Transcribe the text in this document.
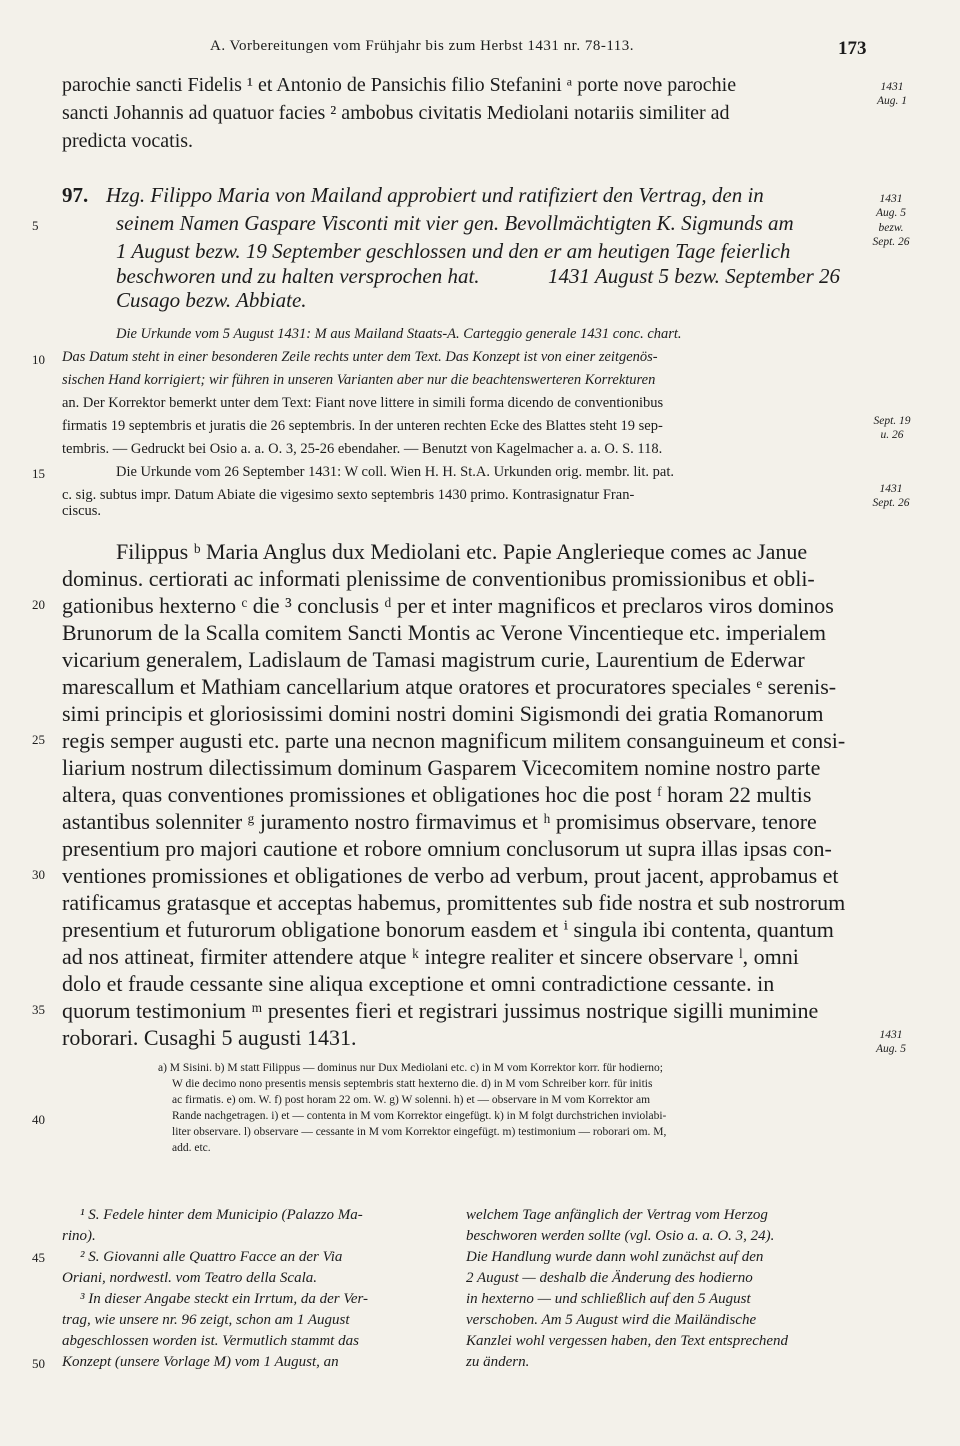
A. Vorbereitungen vom Frühjahr bis zum Herbst 1431 nr. 78-113.	173
parochie sancti Fidelis ¹ et Antonio de Pansichis filio Stefanini ᵃ porte nove parochie
sancti Johannis ad quatuor facies ² ambobus civitatis Mediolani notariis similiter ad
predicta vocatis.
97. Hzg. Filippo Maria von Mailand approbiert und ratifiziert den Vertrag, den in
seinem Namen Gaspare Visconti mit vier gen. Bevollmächtigten K. Sigmunds am
1 August bezw. 19 September geschlossen und den er am heutigen Tage feierlich
beschworen und zu halten versprochen hat.	1431 August 5 bezw. September 26
Cusago bezw. Abbiate.
Die Urkunde vom 5 August 1431: M aus Mailand Staats-A. Carteggio generale 1431 conc. chart.
Das Datum steht in einer besonderen Zeile rechts unter dem Text. Das Konzept ist von einer zeitgenös-
sischen Hand korrigiert; wir führen in unseren Varianten aber nur die beachtenswerteren Korrekturen
an. Der Korrektor bemerkt unter dem Text: Fiant nove littere in simili forma dicendo de conventionibus
firmatis 19 septembris et juratis die 26 septembris. In der unteren rechten Ecke des Blattes steht 19 sep-
tembris. — Gedruckt bei Osio a. a. O. 3, 25-26 ebendaher. — Benutzt von Kagelmacher a. a. O. S. 118.
Die Urkunde vom 26 September 1431: W coll. Wien H. H. St.A. Urkunden orig. membr. lit. pat.
c. sig. subtus impr. Datum Abiate die vigesimo sexto septembris 1430 primo. Kontrasignatur Fran-
ciscus.
Filippus ᵇ Maria Anglus dux Mediolani etc. Papie Anglerieque comes ac Janue
dominus. certiorati ac informati plenissime de conventionibus promissionibus et obli-
gationibus hexterno ᶜ die ³ conclusis ᵈ per et inter magnificos et preclaros viros dominos
Brunorum de la Scalla comitem Sancti Montis ac Verone Vincentieque etc. imperialem
vicarium generalem, Ladislaum de Tamasi magistrum curie, Laurentium de Ederwar
marescallum et Mathiam cancellarium atque oratores et procuratores speciales ᵉ serenis-
simi principis et gloriosissimi domini nostri domini Sigismondi dei gratia Romanorum
regis semper augusti etc. parte una necnon magnificum militem consanguineum et consi-
liarium nostrum dilectissimum dominum Gasparem Vicecomitem nomine nostro parte
altera, quas conventiones promissiones et obligationes hoc die post ᶠ horam 22 multis
astantibus solenniter ᵍ juramento nostro firmavimus et ʰ promisimus observare, tenore
presentium pro majori cautione et robore omnium conclusorum ut supra illas ipsas con-
ventiones promissiones et obligationes de verbo ad verbum, prout jacent, approbamus et
ratificamus gratasque et acceptas habemus, promittentes sub fide nostra et sub nostrorum
presentium et futurorum obligatione bonorum easdem et ⁱ singula ibi contenta, quantum
ad nos attineat, firmiter attendere atque ᵏ integre realiter et sincere observare ˡ, omni
dolo et fraude cessante sine aliqua exceptione et omni contradictione cessante. in
quorum testimonium ᵐ presentes fieri et registrari jussimus nostrique sigilli munimine
roborari. Cusaghi 5 augusti 1431.
a) M Sisini. b) M statt Filippus — dominus nur Dux Mediolani etc. c) in M vom Korrektor korr. für hodierno;
W die decimo nono presentis mensis septembris statt hexterno die. d) in M vom Schreiber korr. für initis
ac firmatis. e) om. W. f) post horam 22 om. W. g) W solenni. h) et — observare in M vom Korrektor am
Rande nachgetragen. i) et — contenta in M vom Korrektor eingefügt. k) in M folgt durchstrichen inviolabi-
liter observare. l) observare — cessante in M vom Korrektor eingefügt. m) testimonium — roborari om. M,
add. etc.
¹ S. Fedele hinter dem Municipio (Palazzo Ma-
rino).
² S. Giovanni alle Quattro Facce an der Via
Oriani, nordwestl. vom Teatro della Scala.
³ In dieser Angabe steckt ein Irrtum, da der Ver-
trag, wie unsere nr. 96 zeigt, schon am 1 August
abgeschlossen worden ist. Vermutlich stammt das
Konzept (unsere Vorlage M) vom 1 August, an
welchem Tage anfänglich der Vertrag vom Herzog
beschworen werden sollte (vgl. Osio a. a. O. 3, 24).
Die Handlung wurde dann wohl zunächst auf den
2 August — deshalb die Änderung des hodierno
in hexterno — und schließlich auf den 5 August
verschoben. Am 5 August wird die Mailändische
Kanzlei wohl vergessen haben, den Text entsprechend
zu ändern.
5
10
15
20
25
30
35
40
45
50
1431 Aug. 1
1431 Aug. 5 bezw. Sept. 26
Sept. 19 u. 26
1431 Sept. 26
1431 Aug. 5
